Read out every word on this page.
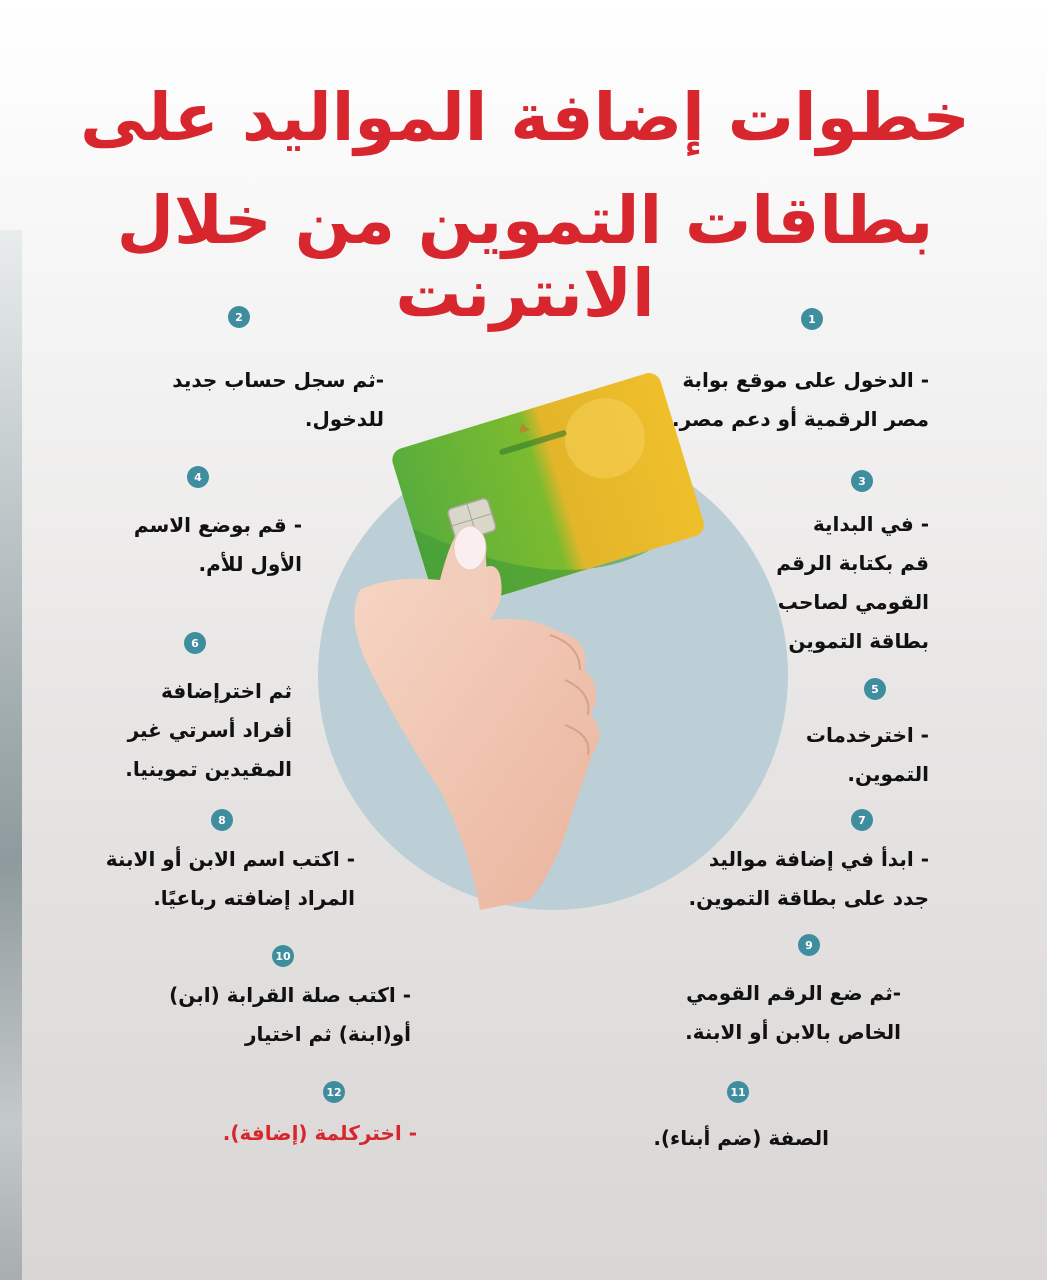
خطوات إضافة المواليد على
بطاقات التموين من خلال الانترنت	1
2
3
4
5
6
7
8
9
10
11
12
- الدخول على موقع بوابة
مصر الرقمية أو دعم مصر.
- في البداية
قم بكتابة الرقم
القومي لصاحب
بطاقة التموين
- اخترخدمات
التموين.
- ابدأ في إضافة مواليد
جدد على بطاقة التموين.
-ثم ضع الرقم القومي
الخاص بالابن أو الابنة.
الصفة (ضم أبناء).
-ثم سجل حساب جديد
للدخول.
- قم بوضع الاسم
الأول للأم.
ثم اخترإضافة
أفراد أسرتي غير
المقيدين تموينيا.
- اكتب اسم الابن أو الابنة
المراد إضافته رباعيًا.
- اكتب صلة القرابة (ابن)
أو(ابنة) ثم اختيار
- اختركلمة (إضافة).
